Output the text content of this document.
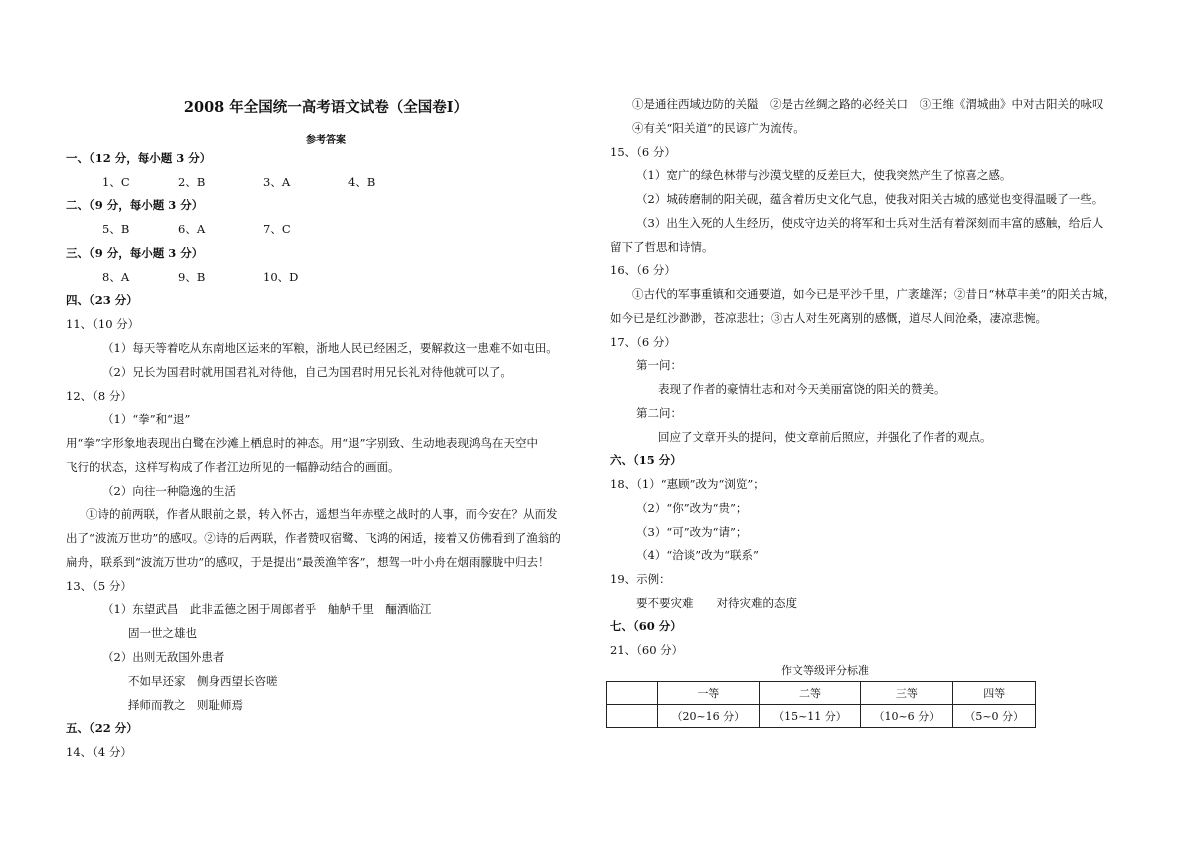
2008 年全国统一高考语文试卷（全国卷Ⅰ）
参考答案
一、（12 分，每小题 3 分）
二、（9 分，每小题 3 分）
三、（9 分，每小题 3 分）
四、（23 分）
11、（10 分）
（1）每天等着吃从东南地区运来的军粮，浙地人民已经困乏，要解救这一患难不如屯田。
（2）兄长为国君时就用国君礼对待他，自己为国君时用兄长礼对待他就可以了。
12、（8 分）
（1）“拳”和“退”
用“拳”字形象地表现出白鹭在沙滩上栖息时的神态。用“退”字别致、生动地表现鸿鸟在天空中
飞行的状态，这样写构成了作者江边所见的一幅静动结合的画面。
（2）向往一种隐逸的生活
①诗的前两联，作者从眼前之景，转入怀古，遥想当年赤壁之战时的人事，而今安在？从而发
出了“波流万世功”的感叹。②诗的后两联，作者赞叹宿鹭、飞鸿的闲适，接着又仿佛看到了渔翁的
扁舟，联系到“波流万世功”的感叹，于是提出“最羡渔竿客”，想驾一叶小舟在烟雨朦胧中归去！
13、（5 分）
（1）东望武昌　此非孟德之困于周郎者乎　舳舻千里　酾酒临江
固一世之雄也
（2）出则无敌国外患者
不如早还家　侧身西望长咨嗟
择师而教之　则耻师焉
五、（22 分）
14、（4 分）
1、C	2、B	3、A	4、B
5、B	6、A	7、C
8、A	9、B	10、D
①是通往西域边防的关隘　②是古丝绸之路的必经关口　③王维《渭城曲》中对古阳关的咏叹
④有关“阳关道”的民谚广为流传。
15、（6 分）
（1）宽广的绿色林带与沙漠戈壁的反差巨大，使我突然产生了惊喜之感。
（2）城砖磨制的阳关砚，蕴含着历史文化气息，使我对阳关古城的感觉也变得温暖了一些。
（3）出生入死的人生经历，使戍守边关的将军和士兵对生活有着深刻而丰富的感触，给后人
留下了哲思和诗情。
16、（6 分）
①古代的军事重镇和交通要道，如今已是平沙千里，广袤雄浑；②昔日“林草丰美”的阳关古城，
如今已是红沙渺渺，苍凉悲壮；③古人对生死离别的感慨，道尽人间沧桑，凄凉悲惋。
17、（6 分）
第一问：
表现了作者的豪情壮志和对今天美丽富饶的阳关的赞美。
第二问：
回应了文章开头的提问，使文章前后照应，并强化了作者的观点。
六、（15 分）
18、（1）“惠顾”改为“浏览”；
（2）“你”改为“贵”；
（3）“可”改为“请”；
（4）“洽谈”改为“联系”
19、示例：
要不要灾难　　对待灾难的态度
七、（60 分）
21、（60 分）
作文等级评分标准
	一等	二等	三等	四等
	（20~16 分）	（15~11 分）	（10~6 分）	（5~0 分）
